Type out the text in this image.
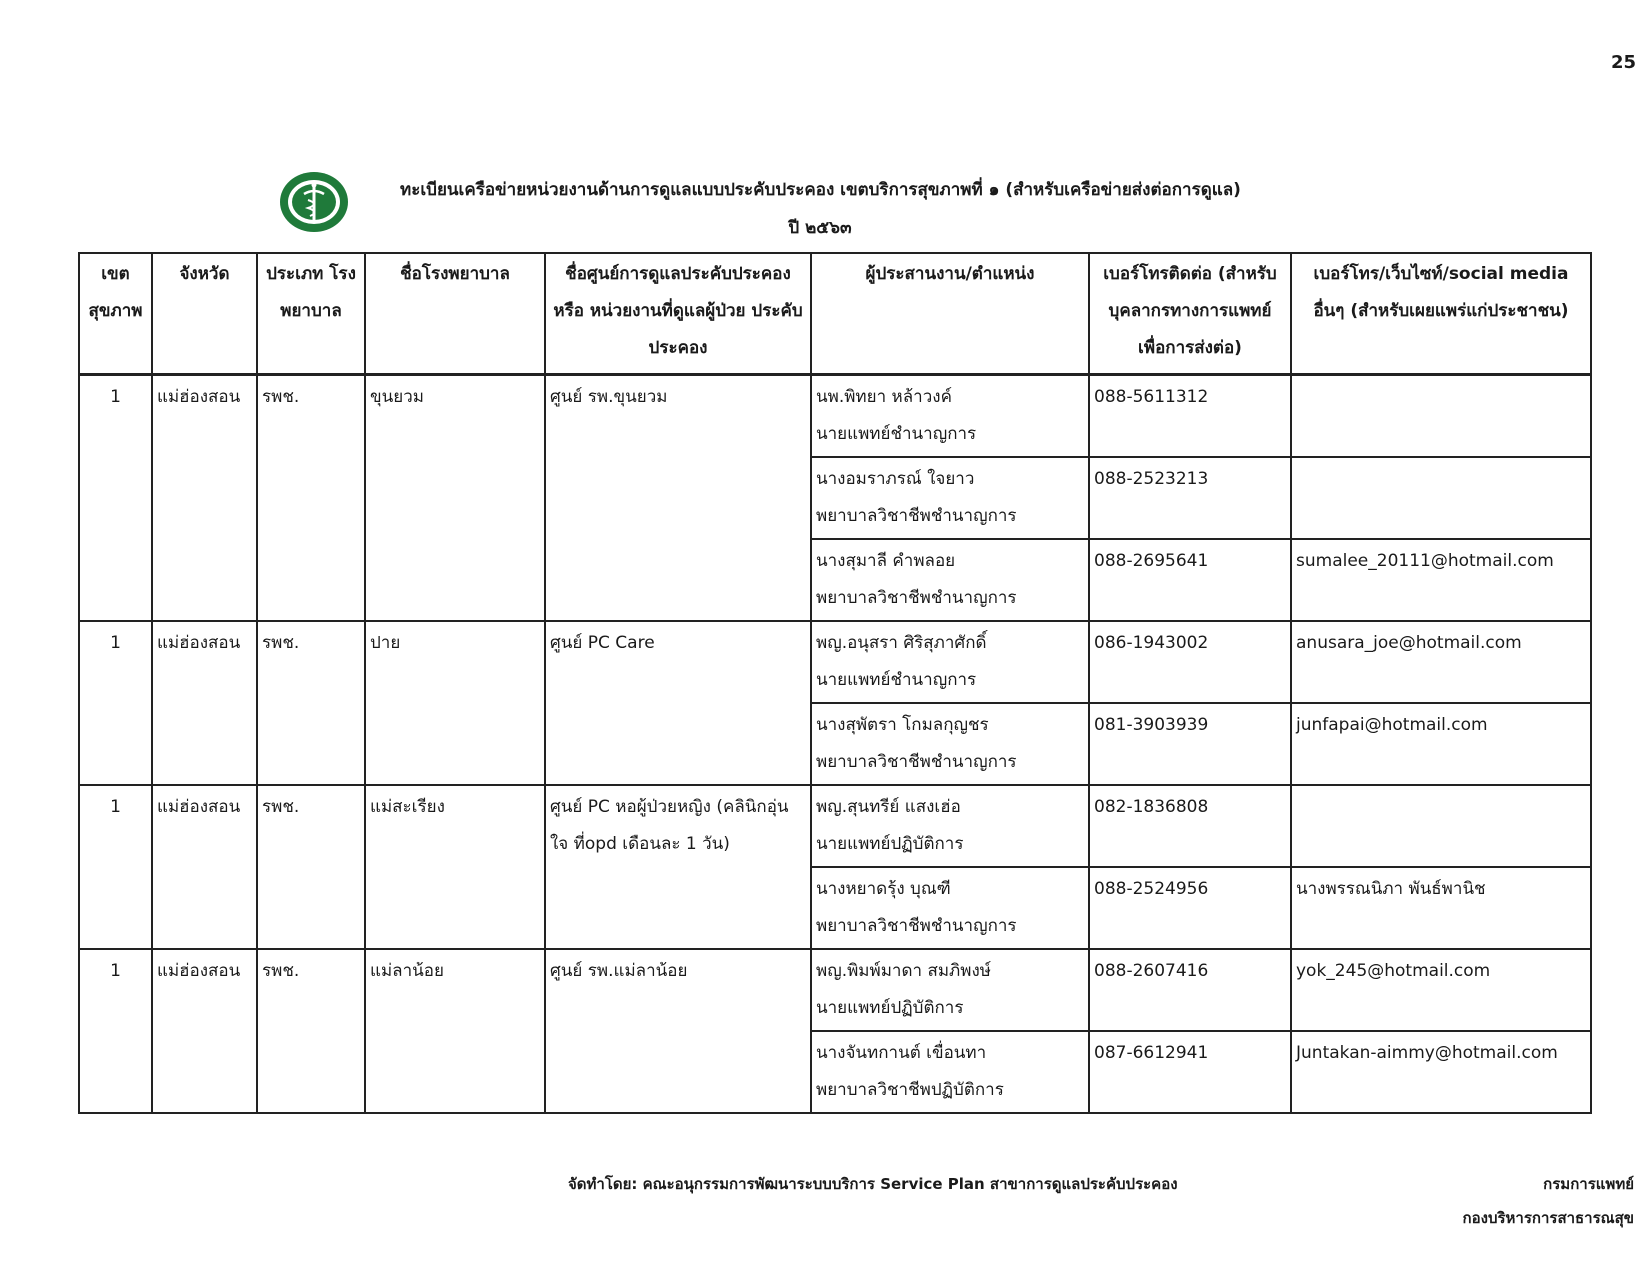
25
ทะเบียนเครือข่ายหน่วยงานด้านการดูแลแบบประคับประคอง เขตบริการสุขภาพที่ ๑ (สำหรับเครือข่ายส่งต่อการดูแล)
ปี ๒๕๖๓
เขต สุขภาพ	จังหวัด	ประเภท โรงพยาบาล	ชื่อโรงพยาบาล	ชื่อศูนย์การดูแลประคับประคอง หรือ หน่วยงานที่ดูแลผู้ป่วย ประคับประคอง	ผู้ประสานงาน/ตำแหน่ง	เบอร์โทรติดต่อ (สำหรับ บุคลากรทางการแพทย์ เพื่อการส่งต่อ)	เบอร์โทร/เว็บไซท์/social media อื่นๆ (สำหรับเผยแพร่แก่ประชาชน)
1	แม่ฮ่องสอน	รพช.	ขุนยวม	ศูนย์ รพ.ขุนยวม	นพ.พิทยา หล้าวงค์
นายแพทย์ชำนาญการ	088-5611312	

					นางอมราภรณ์ ใจยาว
พยาบาลวิชาชีพชำนาญการ	088-2523213	

					นางสุมาลี คำพลอย
พยาบาลวิชาชีพชำนาญการ	088-2695641	sumalee_20111@hotmail.com
1	แม่ฮ่องสอน	รพช.	ปาย	ศูนย์ PC Care	พญ.อนุสรา ศิริสุภาศักดิ์
นายแพทย์ชำนาญการ	086-1943002	anusara_joe@hotmail.com

					นางสุพัตรา โกมลกุญชร
พยาบาลวิชาชีพชำนาญการ	081-3903939	junfapai@hotmail.com
1	แม่ฮ่องสอน	รพช.	แม่สะเรียง	ศูนย์ PC หอผู้ป่วยหญิง (คลินิกอุ่นใจ ที่opd เดือนละ 1 วัน)	พญ.สุนทรีย์ แสงเฮ่อ
นายแพทย์ปฏิบัติการ	082-1836808	

					นางหยาดรุ้ง บุณฑี
พยาบาลวิชาชีพชำนาญการ	088-2524956	นางพรรณนิภา พันธ์พานิช
1	แม่ฮ่องสอน	รพช.	แม่ลาน้อย	ศูนย์ รพ.แม่ลาน้อย	พญ.พิมพ์มาดา สมภิพงษ์
นายแพทย์ปฏิบัติการ	088-2607416	yok_245@hotmail.com

					นางจันทกานต์ เขื่อนทา
พยาบาลวิชาชีพปฏิบัติการ	087-6612941	Juntakan-aimmy@hotmail.com
จัดทำโดย: คณะอนุกรรมการพัฒนาระบบบริการ Service Plan สาขาการดูแลประคับประคอง	กรมการแพทย์
กองบริหารการสาธารณสุข
